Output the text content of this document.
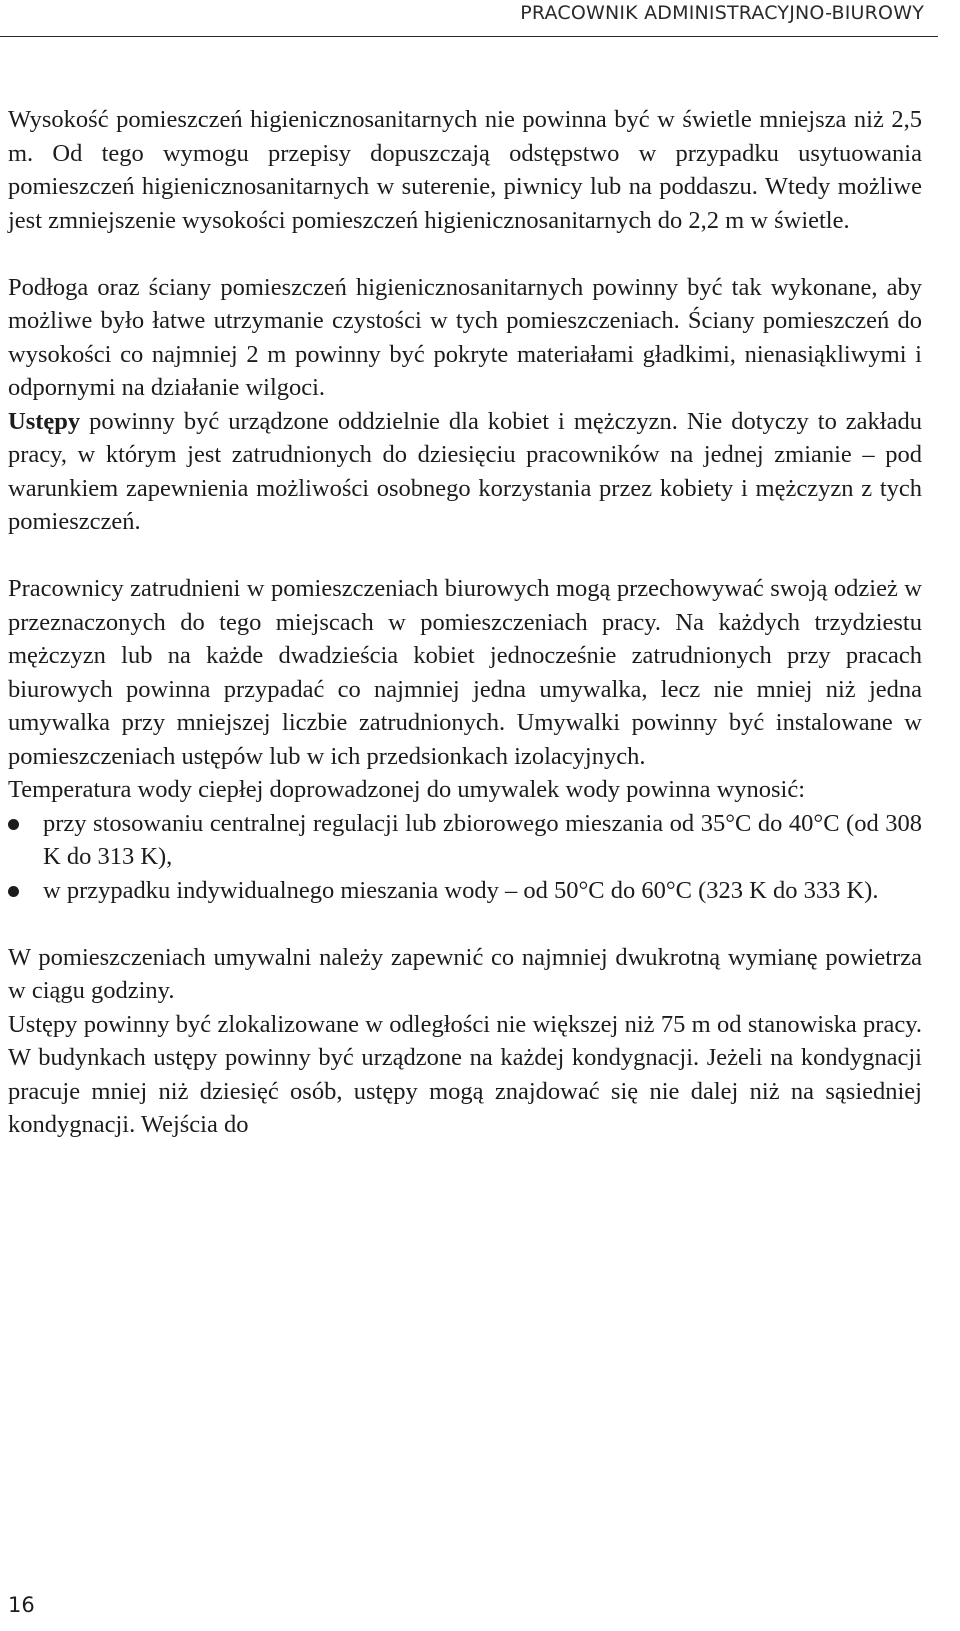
PRACOWNIK ADMINISTRACYJNO-BIUROWY

Wysokość pomieszczeń higienicznosanitarnych nie powinna być w świetle mniejsza niż 2,5 m. Od tego wymogu przepisy dopuszczają odstępstwo w przypadku usytuowania pomieszczeń higienicznosanitarnych w suterenie, piwnicy lub na poddaszu. Wtedy możliwe jest zmniejszenie wysokości pomieszczeń higienicznosanitarnych do 2,2 m w świetle.

Podłoga oraz ściany pomieszczeń higienicznosanitarnych powinny być tak wykonane, aby możliwe było łatwe utrzymanie czystości w tych pomieszczeniach. Ściany pomieszczeń do wysokości co najmniej 2 m powinny być pokryte materiałami gładkimi, nienasiąkliwymi i odpornymi na działanie wilgoci.

Ustępy powinny być urządzone oddzielnie dla kobiet i mężczyzn. Nie dotyczy to zakładu pracy, w którym jest zatrudnionych do dziesięciu pracowników na jednej zmianie – pod warunkiem zapewnienia możliwości osobnego korzystania przez kobiety i mężczyzn z tych pomieszczeń.

Pracownicy zatrudnieni w pomieszczeniach biurowych mogą przechowywać swoją odzież w przeznaczonych do tego miejscach w pomieszczeniach pracy. Na każdych trzydziestu mężczyzn lub na każde dwadzieścia kobiet jednocześnie zatrudnionych przy pracach biurowych powinna przypadać co najmniej jedna umywalka, lecz nie mniej niż jedna umywalka przy mniejszej liczbie zatrudnionych. Umywalki powinny być instalowane w pomieszczeniach ustępów lub w ich przedsionkach izolacyjnych.

Temperatura wody ciepłej doprowadzonej do umywalek wody powinna wynosić:

przy stosowaniu centralnej regulacji lub zbiorowego mieszania od 35°C do 40°C (od 308 K do 313 K),
w przypadku indywidualnego mieszania wody – od 50°C do 60°C (323 K do 333 K).

W pomieszczeniach umywalni należy zapewnić co najmniej dwukrotną wymianę powietrza w ciągu godziny.

Ustępy powinny być zlokalizowane w odległości nie większej niż 75 m od stanowiska pracy. W budynkach ustępy powinny być urządzone na każdej kondygnacji. Jeżeli na kondygnacji pracuje mniej niż dziesięć osób, ustępy mogą znajdować się nie dalej niż na sąsiedniej kondygnacji. Wejścia do

16
